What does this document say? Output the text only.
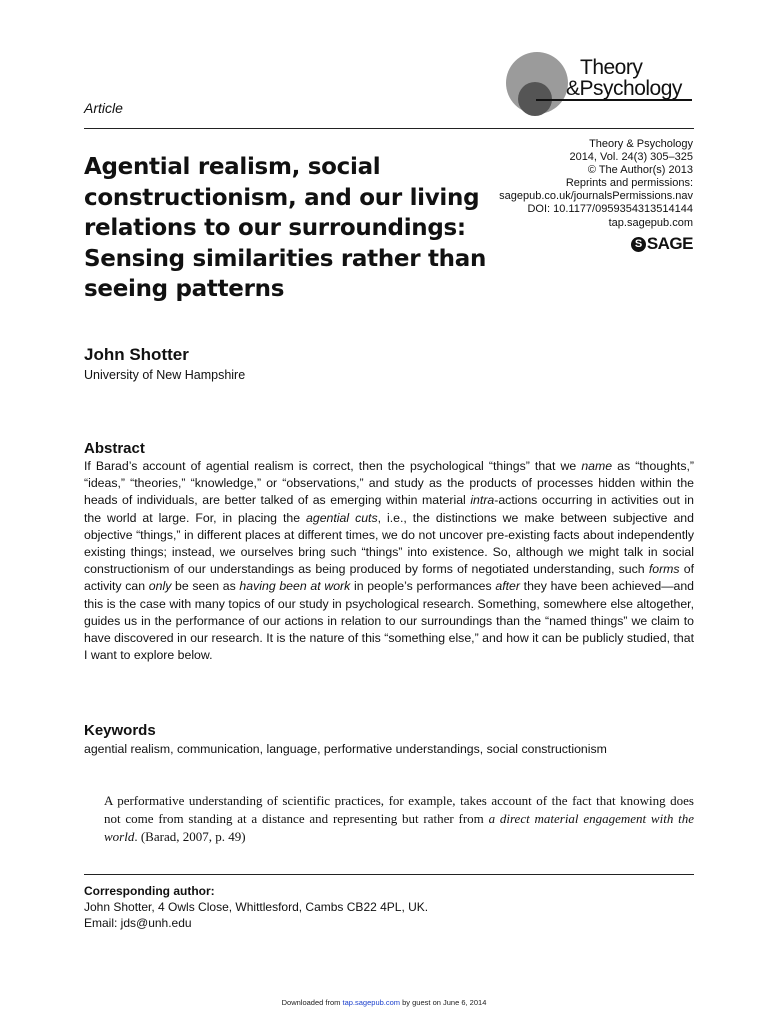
Theory
&Psychology
Article
Theory & Psychology
2014, Vol. 24(3) 305–325
© The Author(s) 2013
Reprints and permissions:
sagepub.co.uk/journalsPermissions.nav
DOI: 10.1177/0959354313514144
tap.sagepub.com
S SAGE
Agential realism, social constructionism, and our living relations to our surroundings: Sensing similarities rather than seeing patterns
John Shotter
University of New Hampshire
Abstract
If Barad’s account of agential realism is correct, then the psychological “things” that we name as “thoughts,” “ideas,” “theories,” “knowledge,” or “observations,” and study as the products of processes hidden within the heads of individuals, are better talked of as emerging within material intra-actions occurring in activities out in the world at large. For, in placing the agential cuts, i.e., the distinctions we make between subjective and objective “things,” in different places at different times, we do not uncover pre-existing facts about independently existing things; instead, we ourselves bring such “things” into existence. So, although we might talk in social constructionism of our understandings as being produced by forms of negotiated understanding, such forms of activity can only be seen as having been at work in people’s performances after they have been achieved—and this is the case with many topics of our study in psychological research. Something, somewhere else altogether, guides us in the performance of our actions in relation to our surroundings than the “named things” we claim to have discovered in our research. It is the nature of this “something else,” and how it can be publicly studied, that I want to explore below.
Keywords
agential realism, communication, language, performative understandings, social constructionism
A performative understanding of scientific practices, for example, takes account of the fact that knowing does not come from standing at a distance and representing but rather from a direct material engagement with the world. (Barad, 2007, p. 49)
Corresponding author:
John Shotter, 4 Owls Close, Whittlesford, Cambs CB22 4PL, UK.
Email: jds@unh.edu
Downloaded from tap.sagepub.com by guest on June 6, 2014
